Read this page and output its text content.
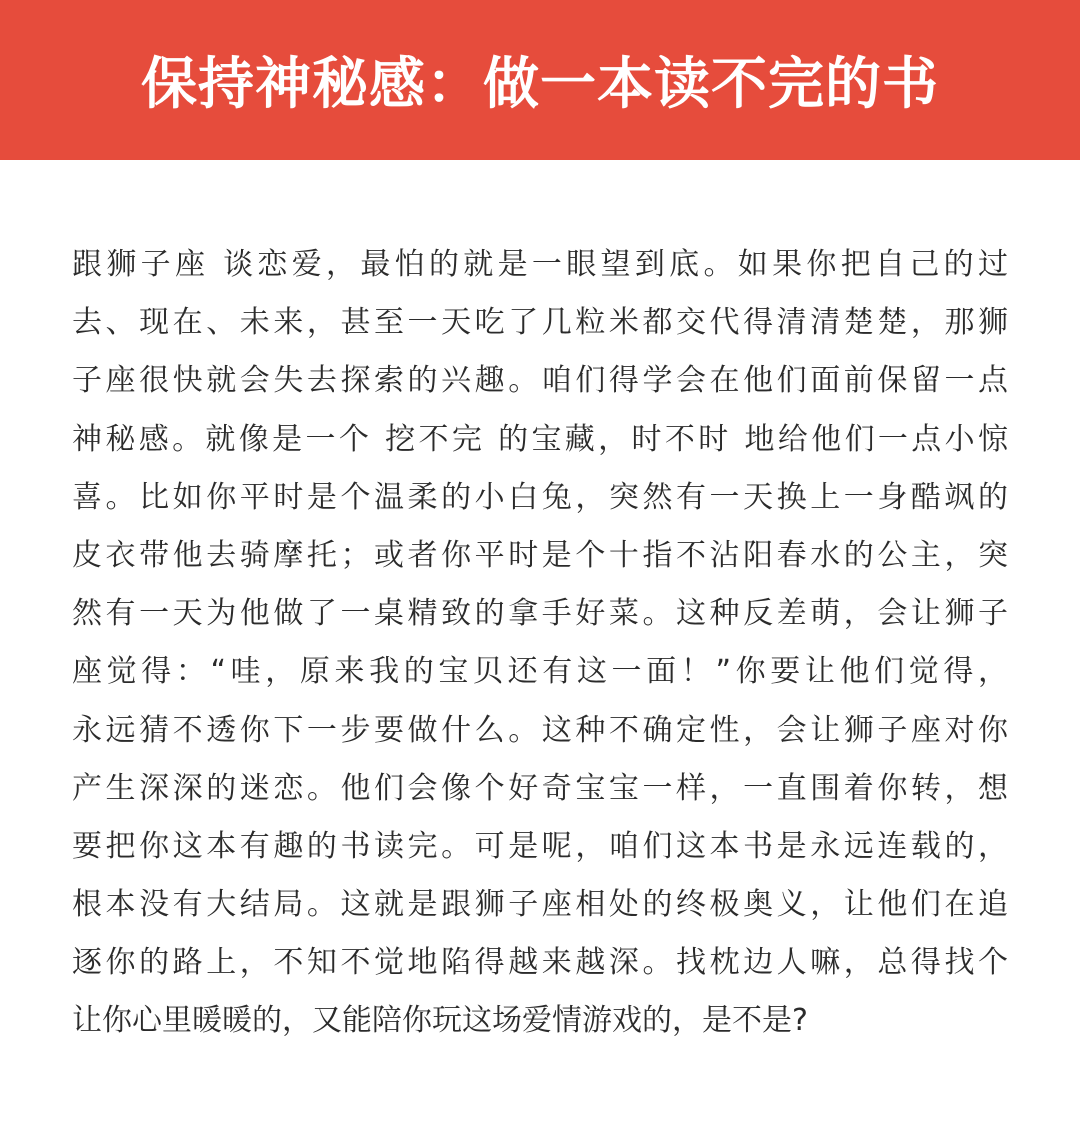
保持神秘感：做一本读不完的书
跟狮子座 谈恋爱，最怕的就是一眼望到底。如果你把自己的过
去、现在、未来，甚至一天吃了几粒米都交代得清清楚楚，那狮
子座很快就会失去探索的兴趣。咱们得学会在他们面前保留一点
神秘感。就像是一个 挖不完 的宝藏，时不时 地给他们一点小惊
喜。比如你平时是个温柔的小白兔，突然有一天换上一身酷飒的
皮衣带他去骑摩托；或者你平时是个十指不沾阳春水的公主，突
然有一天为他做了一桌精致的拿手好菜。这种反差萌，会让狮子
座觉得：“哇，原来我的宝贝还有这一面！”你要让他们觉得，
永远猜不透你下一步要做什么。这种不确定性，会让狮子座对你
产生深深的迷恋。他们会像个好奇宝宝一样，一直围着你转，想
要把你这本有趣的书读完。可是呢，咱们这本书是永远连载的，
根本没有大结局。这就是跟狮子座相处的终极奥义，让他们在追
逐你的路上，不知不觉地陷得越来越深。找枕边人嘛，总得找个
让你心里暖暖的，又能陪你玩这场爱情游戏的，是不是?
